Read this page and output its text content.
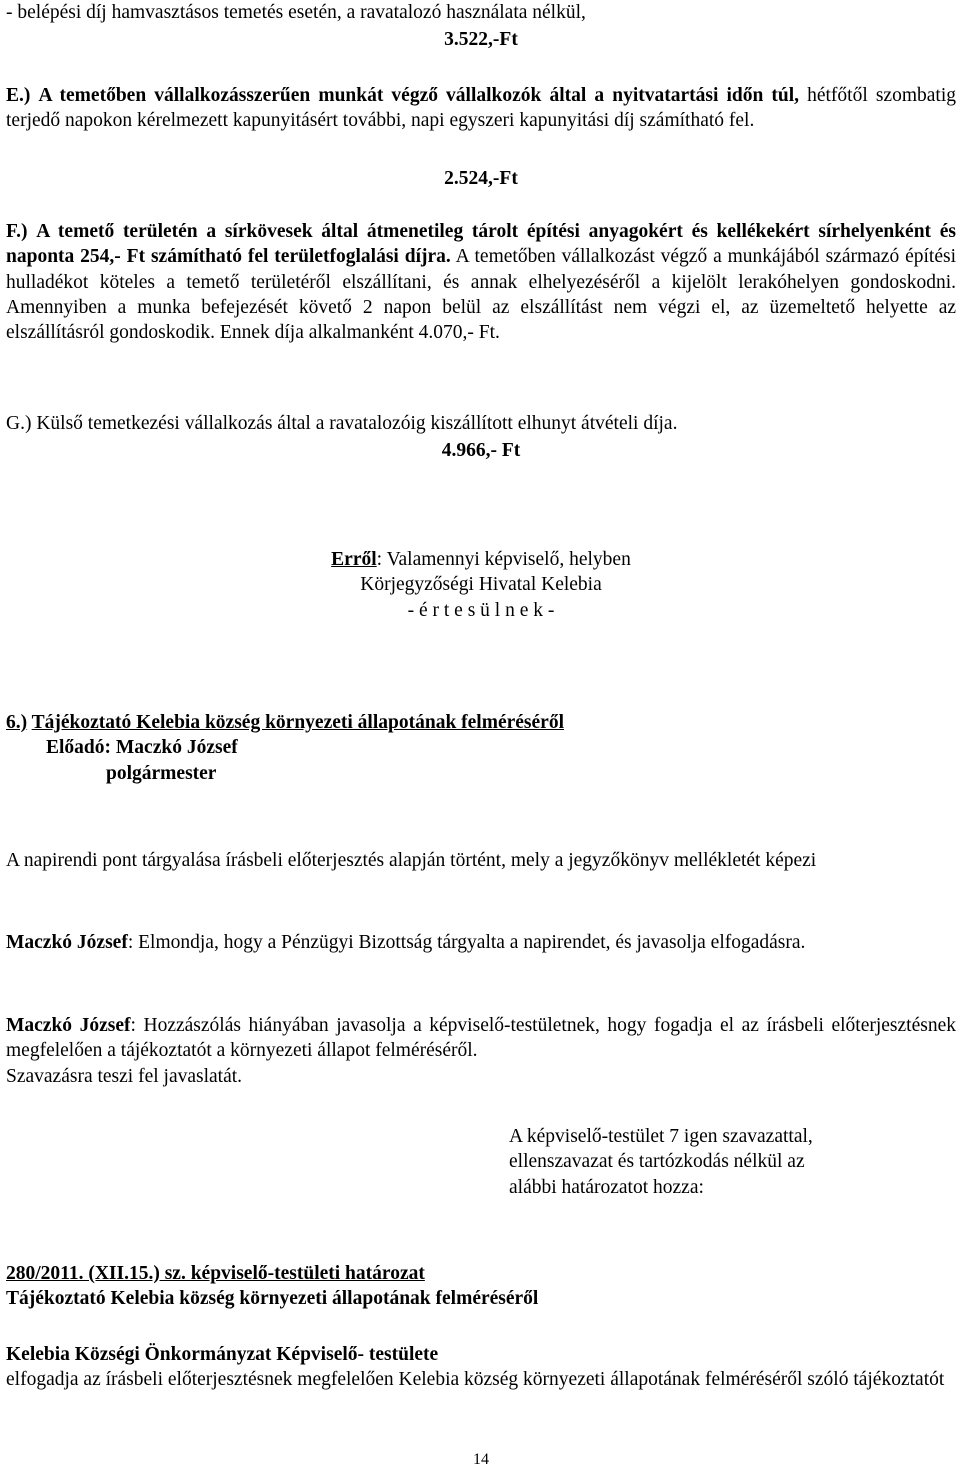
- belépési díj hamvasztásos temetés esetén, a ravatalozó használata nélkül,

3.522,-Ft

E.) A temetőben vállalkozásszerűen munkát végző vállalkozók által a nyitvatartási időn túl, hétfőtől szombatig terjedő napokon kérelmezett kapunyitásért további, napi egyszeri kapunyitási díj számítható fel.

2.524,-Ft

F.) A temető területén a sírkövesek által átmenetileg tárolt építési anyagokért és kellékekért sírhelyenként és naponta 254,- Ft számítható fel területfoglalási díjra. A temetőben vállalkozást végző a munkájából származó építési hulladékot köteles a temető területéről elszállítani, és annak elhelyezéséről a kijelölt lerakóhelyen gondoskodni. Amennyiben a munka befejezését követő 2 napon belül az elszállítást nem végzi el, az üzemeltető helyette az elszállításról gondoskodik. Ennek díja alkalmanként 4.070,- Ft.
G.) Külső temetkezési vállalkozás által a ravatalozóig kiszállított elhunyt átvételi díja.

4.966,- Ft

Erről: Valamennyi képviselő, helyben

Körjegyzőségi Hivatal Kelebia

- é r t e s ü l n e k -

6.) Tájékoztató Kelebia község környezeti állapotának felméréséről

Előadó: Maczkó József

polgármester

A napirendi pont tárgyalása írásbeli előterjesztés alapján történt, mely a jegyzőkönyv mellékletét képezi

Maczkó József: Elmondja, hogy a Pénzügyi Bizottság tárgyalta a napirendet, és javasolja elfogadásra.

Maczkó József: Hozzászólás hiányában javasolja a képviselő-testületnek, hogy fogadja el az írásbeli előterjesztésnek megfelelően a tájékoztatót a környezeti állapot felméréséről.

Szavazásra teszi fel javaslatát.

A képviselő-testület 7 igen szavazattal,

ellenszavazat és tartózkodás nélkül az

alábbi határozatot hozza:

280/2011. (XII.15.) sz. képviselő-testületi határozat

Tájékoztató Kelebia község környezeti állapotának felméréséről

Kelebia Községi Önkormányzat Képviselő- testülete

elfogadja az írásbeli előterjesztésnek megfelelően Kelebia község környezeti állapotának felméréséről szóló tájékoztatót

14
